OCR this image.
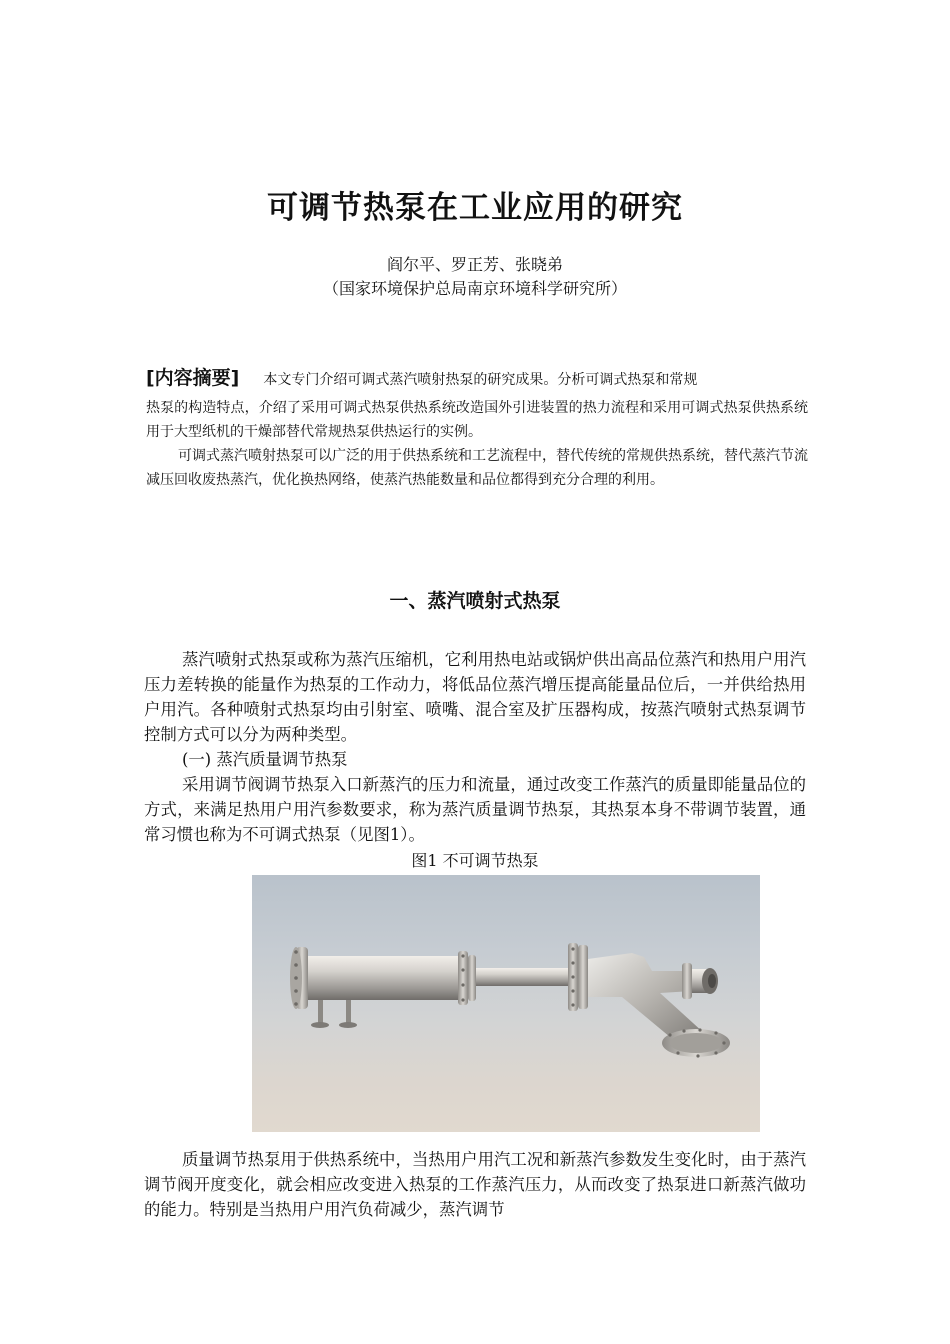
可调节热泵在工业应用的研究
阎尔平、罗正芳、张晓弟
（国家环境保护总局南京环境科学研究所）

[内容摘要] 本文专门介绍可调式蒸汽喷射热泵的研究成果。分析可调式热泵和常规

热泵的构造特点，介绍了采用可调式热泵供热系统改造国外引进装置的热力流程和采用可调式热泵供热系统用于大型纸机的干燥部替代常规热泵供热运行的实例。

可调式蒸汽喷射热泵可以广泛的用于供热系统和工艺流程中，替代传统的常规供热系统，替代蒸汽节流减压回收废热蒸汽，优化换热网络，使蒸汽热能数量和品位都得到充分合理的利用。

一、蒸汽喷射式热泵

蒸汽喷射式热泵或称为蒸汽压缩机，它利用热电站或锅炉供出高品位蒸汽和热用户用汽压力差转换的能量作为热泵的工作动力，将低品位蒸汽增压提高能量品位后，一并供给热用户用汽。各种喷射式热泵均由引射室、喷嘴、混合室及扩压器构成，按蒸汽喷射式热泵调节控制方式可以分为两种类型。

(一) 蒸汽质量调节热泵

采用调节阀调节热泵入口新蒸汽的压力和流量，通过改变工作蒸汽的质量即能量品位的方式，来满足热用户用汽参数要求，称为蒸汽质量调节热泵，其热泵本身不带调节装置，通常习惯也称为不可调式热泵（见图1）。

图1 不可调节热泵

质量调节热泵用于供热系统中，当热用户用汽工况和新蒸汽参数发生变化时，由于蒸汽调节阀开度变化，就会相应改变进入热泵的工作蒸汽压力，从而改变了热泵进口新蒸汽做功的能力。特别是当热用户用汽负荷减少，蒸汽调节
